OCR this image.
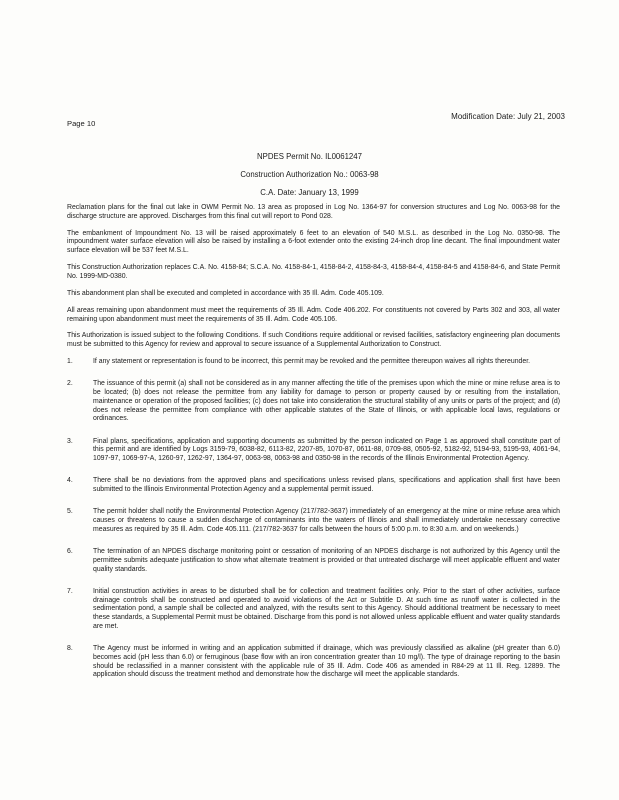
Page 10
Modification Date: July 21, 2003
NPDES Permit No. IL0061247
Construction Authorization No.: 0063-98
C.A. Date: January 13, 1999

Reclamation plans for the final cut lake in OWM Permit No. 13 area as proposed in Log No. 1364-97 for conversion structures and Log No. 0063-98 for the discharge structure are approved. Discharges from this final cut will report to Pond 028.

The embankment of Impoundment No. 13 will be raised approximately 6 feet to an elevation of 540 M.S.L. as described in the Log No. 0350-98. The impoundment water surface elevation will also be raised by installing a 6-foot extender onto the existing 24-inch drop line decant. The final impoundment water surface elevation will be 537 feet M.S.L.

This Construction Authorization replaces C.A. No. 4158-84; S.C.A. No. 4158-84-1, 4158-84-2, 4158-84-3, 4158-84-4, 4158-84-5 and 4158-84-6, and State Permit No. 1999-MD-0380.

This abandonment plan shall be executed and completed in accordance with 35 Ill. Adm. Code 405.109.

All areas remaining upon abandonment must meet the requirements of 35 Ill. Adm. Code 406.202. For constituents not covered by Parts 302 and 303, all water remaining upon abandonment must meet the requirements of 35 Ill. Adm. Code 405.106.

This Authorization is issued subject to the following Conditions. If such Conditions require additional or revised facilities, satisfactory engineering plan documents must be submitted to this Agency for review and approval to secure issuance of a Supplemental Authorization to Construct.

1.	If any statement or representation is found to be incorrect, this permit may be revoked and the permittee thereupon waives all rights thereunder.
2.	The issuance of this permit (a) shall not be considered as in any manner affecting the title of the premises upon which the mine or mine refuse area is to be located; (b) does not release the permittee from any liability for damage to person or property caused by or resulting from the installation, maintenance or operation of the proposed facilities; (c) does not take into consideration the structural stability of any units or parts of the project; and (d) does not release the permittee from compliance with other applicable statutes of the State of Illinois, or with applicable local laws, regulations or ordinances.
3.	Final plans, specifications, application and supporting documents as submitted by the person indicated on Page 1 as approved shall constitute part of this permit and are identified by Logs 3159-79, 6038-82, 6113-82, 2207-85, 1070-87, 0611-88, 0709-88, 0505-92, 5182-92, 5194-93, 5195-93, 4061-94, 1097-97, 1069-97-A, 1260-97, 1262-97, 1364-97, 0063-98, 0063-98 and 0350-98 in the records of the Illinois Environmental Protection Agency.
4.	There shall be no deviations from the approved plans and specifications unless revised plans, specifications and application shall first have been submitted to the Illinois Environmental Protection Agency and a supplemental permit issued.
5.	The permit holder shall notify the Environmental Protection Agency (217/782-3637) immediately of an emergency at the mine or mine refuse area which causes or threatens to cause a sudden discharge of contaminants into the waters of Illinois and shall immediately undertake necessary corrective measures as required by 35 Ill. Adm. Code 405.111. (217/782-3637 for calls between the hours of 5:00 p.m. to 8:30 a.m. and on weekends.)
6.	The termination of an NPDES discharge monitoring point or cessation of monitoring of an NPDES discharge is not authorized by this Agency until the permittee submits adequate justification to show what alternate treatment is provided or that untreated discharge will meet applicable effluent and water quality standards.
7.	Initial construction activities in areas to be disturbed shall be for collection and treatment facilities only. Prior to the start of other activities, surface drainage controls shall be constructed and operated to avoid violations of the Act or Subtitle D. At such time as runoff water is collected in the sedimentation pond, a sample shall be collected and analyzed, with the results sent to this Agency. Should additional treatment be necessary to meet these standards, a Supplemental Permit must be obtained. Discharge from this pond is not allowed unless applicable effluent and water quality standards are met.
8.	The Agency must be informed in writing and an application submitted if drainage, which was previously classified as alkaline (pH greater than 6.0) becomes acid (pH less than 6.0) or ferruginous (base flow with an iron concentration greater than 10 mg/l). The type of drainage reporting to the basin should be reclassified in a manner consistent with the applicable rule of 35 Ill. Adm. Code 406 as amended in R84-29 at 11 Ill. Reg. 12899. The application should discuss the treatment method and demonstrate how the discharge will meet the applicable standards.
